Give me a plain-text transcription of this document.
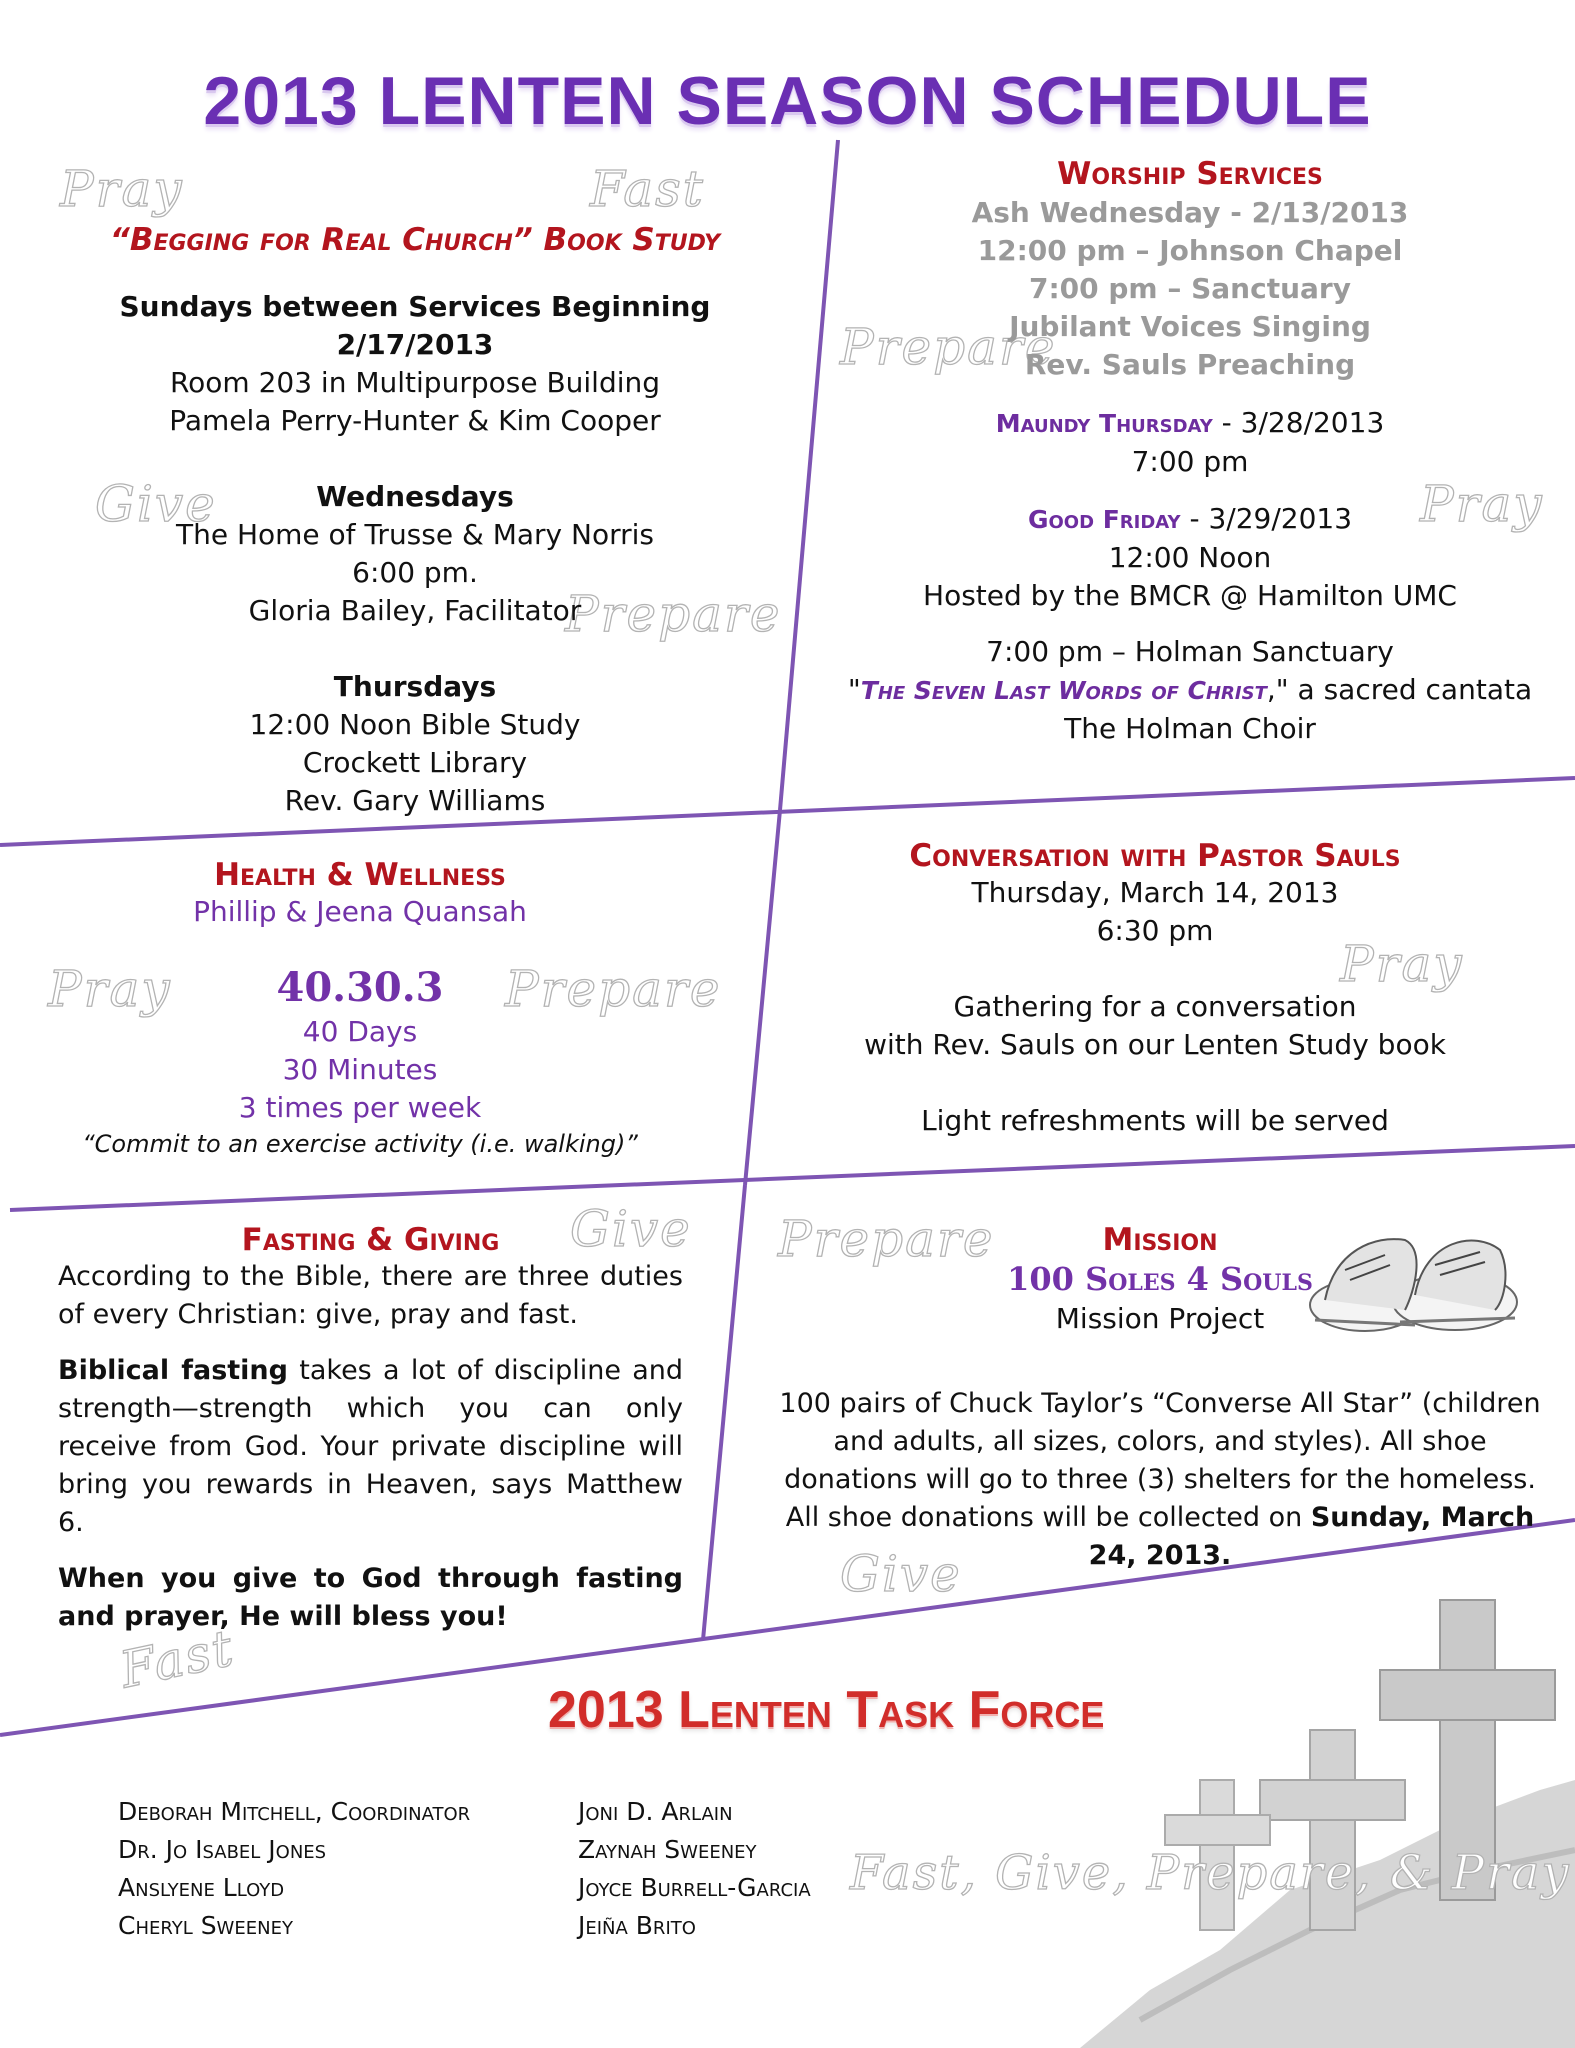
2013 LENTEN SEASON SCHEDULE
Pray	Fast
Prepare
Give	Pray
Prepare
Pray	Prepare	Pray
Give Prepare
Give
Fast
Fast, Give, Prepare, & Pray
“Begging for Real Church” Book Study
Sundays between Services Beginning 2/17/2013
Room 203 in Multipurpose Building
Pamela Perry-Hunter & Kim Cooper
Wednesdays
The Home of Trusse & Mary Norris
6:00 pm.
Gloria Bailey, Facilitator
Thursdays
12:00 Noon Bible Study
Crockett Library
Rev. Gary Williams
Worship Services
Ash Wednesday - 2/13/2013
12:00 pm – Johnson Chapel
7:00 pm – Sanctuary
Jubilant Voices Singing
Rev. Sauls Preaching
Maundy Thursday - 3/28/2013
7:00 pm
Good Friday - 3/29/2013
12:00 Noon
Hosted by the BMCR @ Hamilton UMC
7:00 pm – Holman Sanctuary
"The Seven Last Words of Christ," a sacred cantata
The Holman Choir
Health & Wellness
Phillip & Jeena Quansah
40.30.3
40 Days
30 Minutes
3 times per week
“Commit to an exercise activity (i.e. walking)”
Conversation with Pastor Sauls
Thursday, March 14, 2013
6:30 pm
Gathering for a conversation
with Rev. Sauls on our Lenten Study book
Light refreshments will be served
Fasting & Giving
According to the Bible, there are three duties of every Christian: give, pray and fast.
Biblical fasting takes a lot of discipline and strength—strength which you can only receive from God. Your private discipline will bring you rewards in Heaven, says Matthew 6.
When you give to God through fasting and prayer, He will bless you!
Mission
100 Soles 4 Souls
Mission Project
100 pairs of Chuck Taylor’s “Converse All Star” (children and adults, all sizes, colors, and styles). All shoe donations will go to three (3) shelters for the homeless. All shoe donations will be collected on Sunday, March 24, 2013.
2013 Lenten Task Force
Deborah Mitchell, Coordinator
Dr. Jo Isabel Jones
Anslyene Lloyd
Cheryl Sweeney
Joni D. Arlain
Zaynah Sweeney
Joyce Burrell-Garcia
Jeiña Brito
